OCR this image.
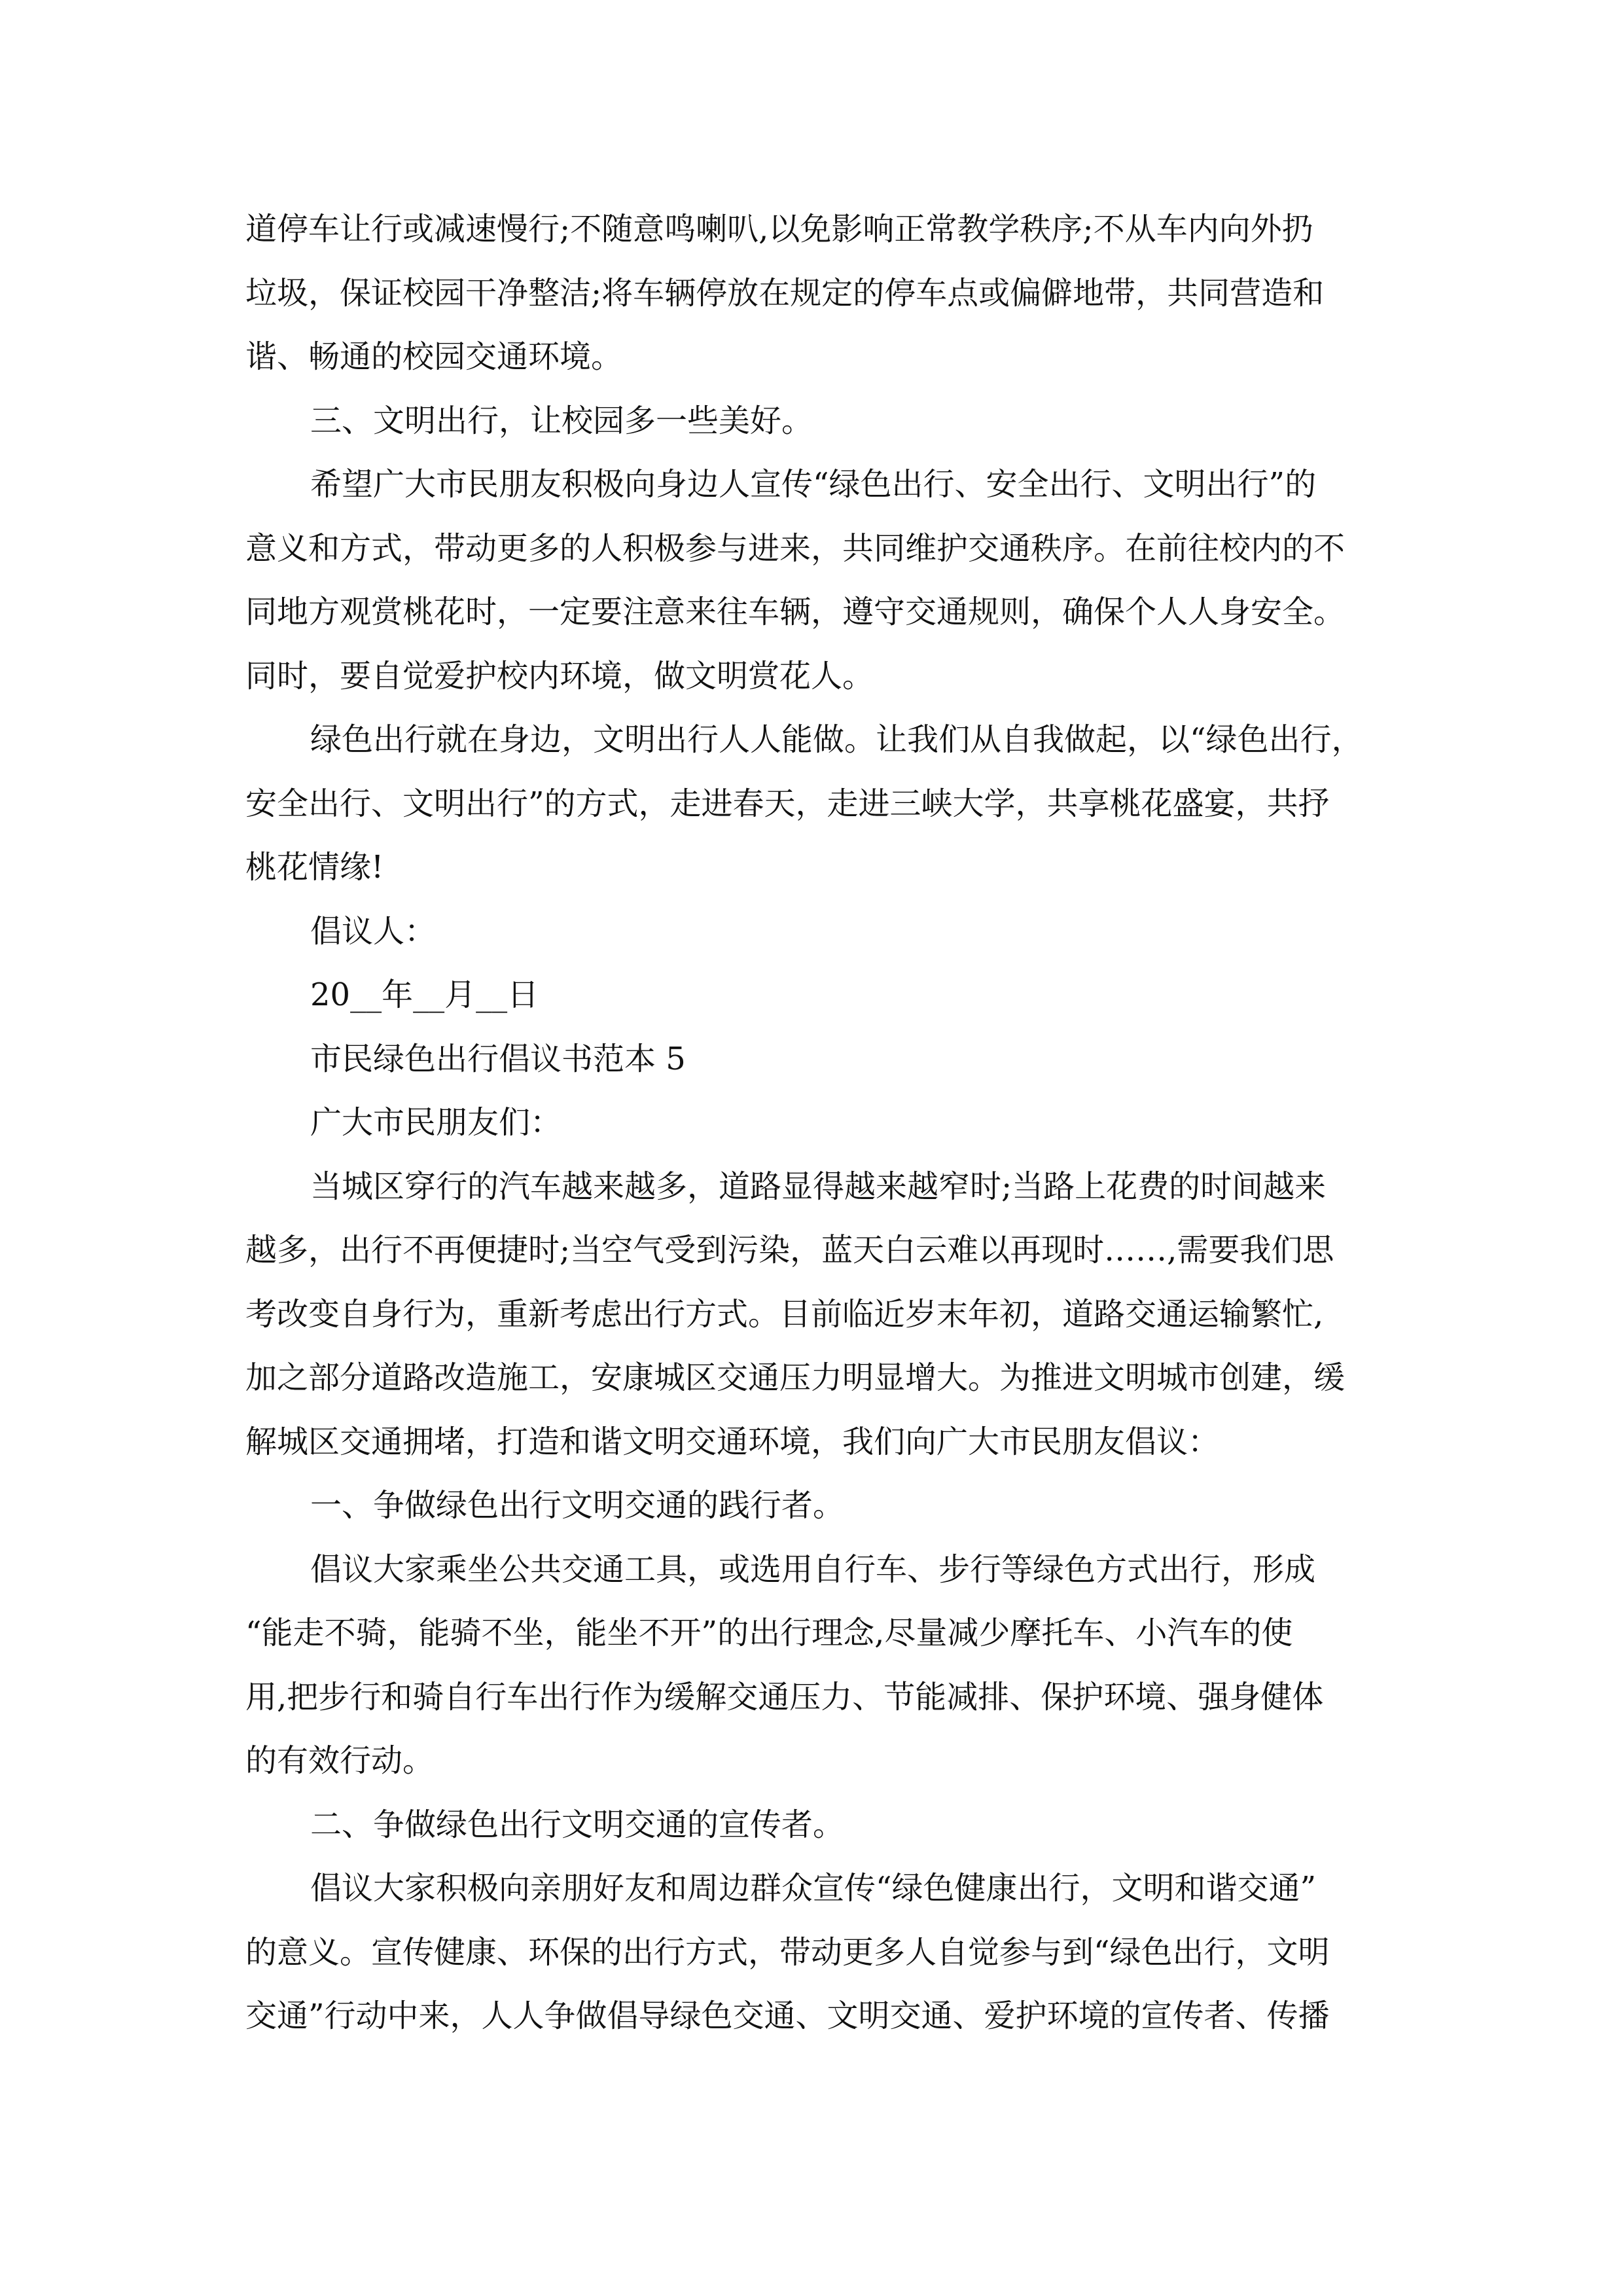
道停车让行或减速慢行;不随意鸣喇叭,以免影响正常教学秩序;不从车内向外扔

垃圾，保证校园干净整洁;将车辆停放在规定的停车点或偏僻地带，共同营造和

谐、畅通的校园交通环境。

三、文明出行，让校园多一些美好。

希望广大市民朋友积极向身边人宣传“绿色出行、安全出行、文明出行”的

意义和方式，带动更多的人积极参与进来，共同维护交通秩序。在前往校内的不

同地方观赏桃花时，一定要注意来往车辆，遵守交通规则，确保个人人身安全。

同时，要自觉爱护校内环境，做文明赏花人。

绿色出行就在身边，文明出行人人能做。让我们从自我做起，以“绿色出行，

安全出行、文明出行”的方式，走进春天，走进三峡大学，共享桃花盛宴，共抒

桃花情缘!

倡议人：

20__年__月__日

市民绿色出行倡议书范本 5

广大市民朋友们：

当城区穿行的汽车越来越多，道路显得越来越窄时;当路上花费的时间越来

越多，出行不再便捷时;当空气受到污染，蓝天白云难以再现时……,需要我们思

考改变自身行为，重新考虑出行方式。目前临近岁末年初，道路交通运输繁忙,

加之部分道路改造施工，安康城区交通压力明显增大。为推进文明城市创建，缓

解城区交通拥堵，打造和谐文明交通环境，我们向广大市民朋友倡议：

一、争做绿色出行文明交通的践行者。

倡议大家乘坐公共交通工具，或选用自行车、步行等绿色方式出行，形成

“能走不骑，能骑不坐，能坐不开”的出行理念,尽量减少摩托车、小汽车的使

用,把步行和骑自行车出行作为缓解交通压力、节能减排、保护环境、强身健体

的有效行动。

二、争做绿色出行文明交通的宣传者。

倡议大家积极向亲朋好友和周边群众宣传“绿色健康出行，文明和谐交通”

的意义。宣传健康、环保的出行方式，带动更多人自觉参与到“绿色出行，文明

交通”行动中来，人人争做倡导绿色交通、文明交通、爱护环境的宣传者、传播
